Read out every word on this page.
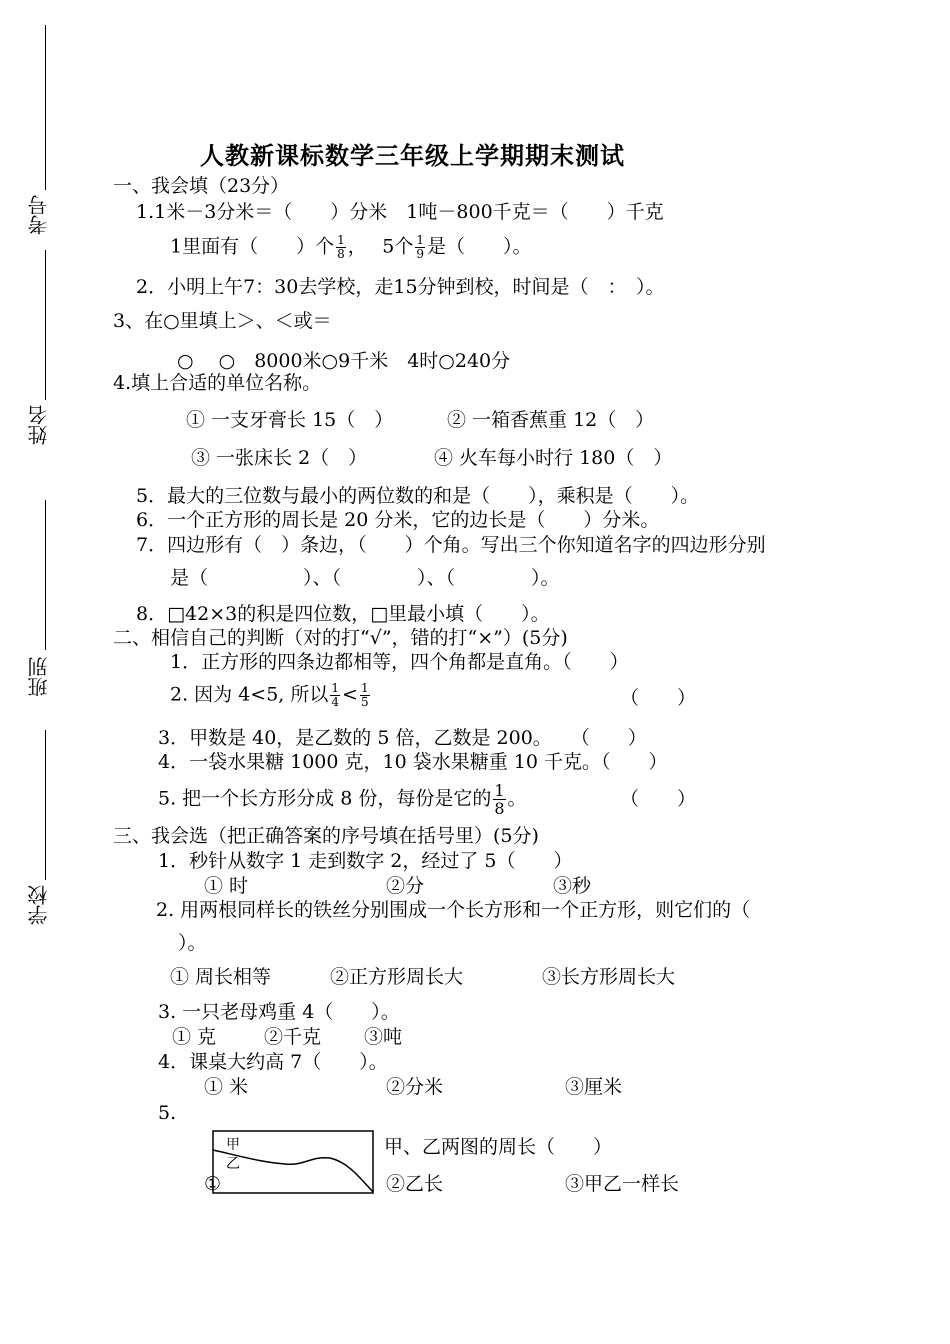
考号
姓名
班别
学校
人教新课标数学三年级上学期期末测试
一、我会填（23分）
1.1米－3分米＝（　　）分米　1吨－800千克＝（　　）千克
1里面有（　　）个 $\frac{1}{8}$ ，　 5个 $\frac{1}{9}$ 是（　　）。
2．小明上午7：30去学校，走15分钟到校，时间是（　：　）。
3、在○里填上＞、＜或＝
○　 ○　8000米○9千米　4时○240分
4.填上合适的单位名称。
① 一支牙膏长 15（　）	② 一箱香蕉重 12（　）
③ 一张床长 2（　）	④ 火车每小时行 180（　）
5．最大的三位数与最小的两位数的和是（　　），乘积是（　　）。
6．一个正方形的周长是 20 分米，它的边长是（　　）分米。
7．四边形有（　）条边，（　　）个角。写出三个你知道名字的四边形分别
是（　　　　　）、（　　　　）、（　　　　）。
8．□42×3的积是四位数，□里最小填（　　）。
二、相信自己的判断（对的打“√”，错的打“×”）(5分)
1．正方形的四条边都相等，四个角都是直角。（　　）
2. 因为 4<5, 所以 $\frac{1}{4} < \frac{1}{5}$	（　　）
3．甲数是 40，是乙数的 5 倍，乙数是 200。　　（　　）
4．一袋水果糖 1000 克，10 袋水果糖重 10 千克。（　　）
5. 把一个长方形分成 8 份，每份是它的 $\frac{1}{8}$ 。	（　　）
三、我会选（把正确答案的序号填在括号里）(5分)
1．秒针从数字 1 走到数字 2，经过了 5（　　）
① 时	②分	③秒
2. 用两根同样长的铁丝分别围成一个长方形和一个正方形，则它们的（
）。
① 周长相等	②正方形周长大	③长方形周长大
3. 一只老母鸡重 4（　　）。
① 克	②千克 ③吨
4．课桌大约高 7（　　）。
① 米	②分米	③厘米
5.
甲
乙
甲、乙两图的周长（　　）
①	②乙长	③甲乙一样长
